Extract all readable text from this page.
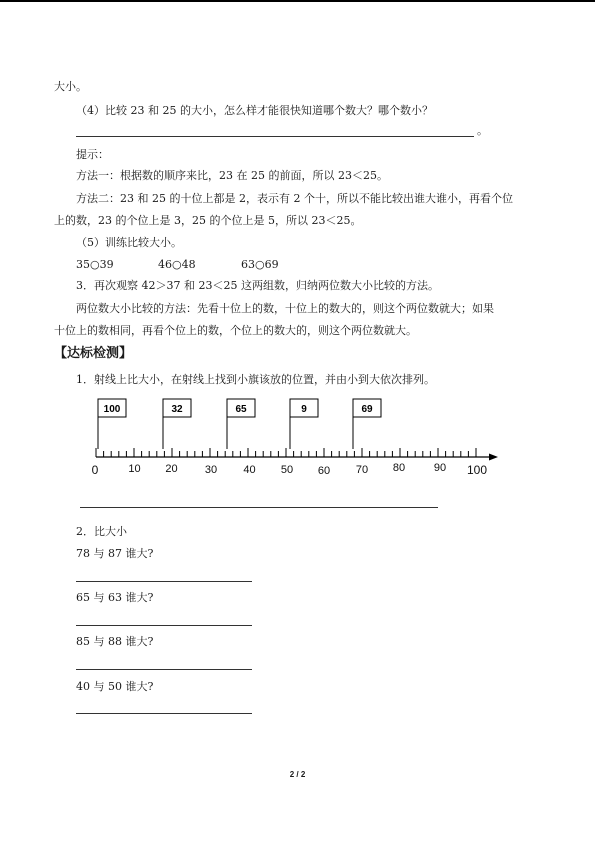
大小。
（4）比较 23 和 25 的大小，怎么样才能很快知道哪个数大？哪个数小？
。
提示：
方法一：根据数的顺序来比，23 在 25 的前面，所以 23＜25。
方法二：23 和 25 的十位上都是 2，表示有 2 个十，所以不能比较出谁大谁小，再看个位
上的数，23 的个位上是 3，25 的个位上是 5，所以 23＜25。
（5）训练比较大小。
35○39	46○48	63○69
3．再次观察 42＞37 和 23＜25 这两组数，归纳两位数大小比较的方法。
两位数大小比较的方法：先看十位上的数，十位上的数大的，则这个两位数就大；如果
十位上的数相同，再看个位上的数，个位上的数大的，则这个两位数就大。
【达标检测】
1．射线上比大小，在射线上找到小旗该放的位置，并由小到大依次排列。
100	32	65	9	69
0	10 20 30 40 50 60 70 80	90 100
2．比大小
78 与 87 谁大?
65 与 63 谁大?
85 与 88 谁大?
40 与 50 谁大?
2 / 2
